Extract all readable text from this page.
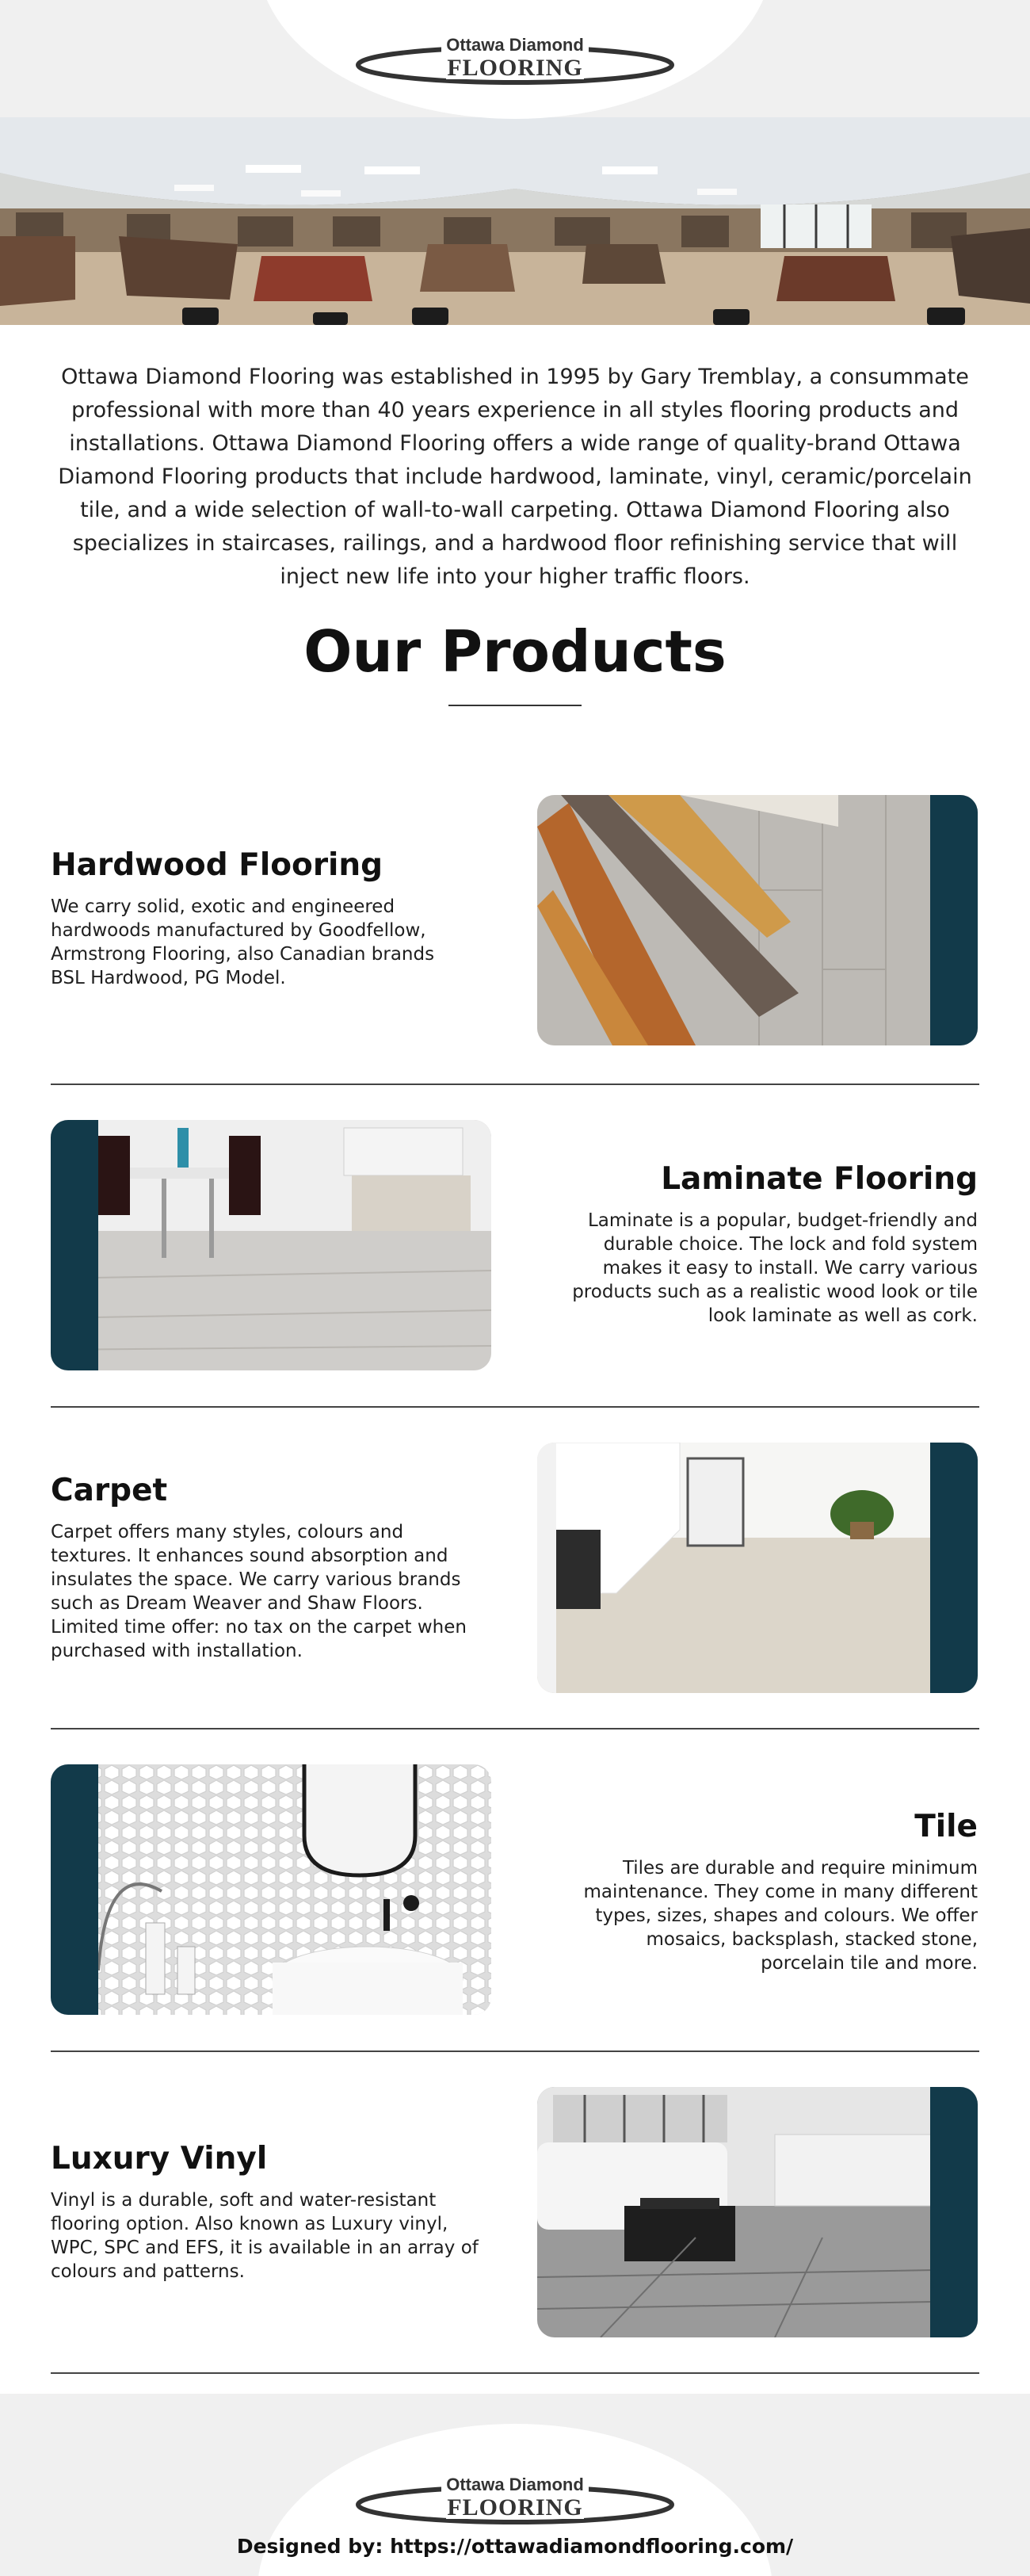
Ottawa Diamond
FLOORING

Ottawa Diamond Flooring was established in 1995 by Gary Tremblay, a consummate professional with more than 40 years experience in all styles flooring products and installations. Ottawa Diamond Flooring offers a wide range of quality-brand Ottawa Diamond Flooring products that include hardwood, laminate, vinyl, ceramic/porcelain tile, and a wide selection of wall-to-wall carpeting. Ottawa Diamond Flooring also specializes in staircases, railings, and a hardwood floor refinishing service that will inject new life into your higher traffic floors.

Our Products
Hardwood Flooring

We carry solid, exotic and engineered hardwoods manufactured by Goodfellow, Armstrong Flooring, also Canadian brands BSL Hardwood, PG Model.

Laminate Flooring

Laminate is a popular, budget-friendly and durable choice. The lock and fold system makes it easy to install. We carry various products such as a realistic wood look or tile look laminate as well as cork.

Carpet

Carpet offers many styles, colours and textures. It enhances sound absorption and insulates the space. We carry various brands such as Dream Weaver and Shaw Floors. Limited time offer: no tax on the carpet when purchased with installation.

Tile

Tiles are durable and require minimum maintenance. They come in many different types, sizes, shapes and colours. We offer mosaics, backsplash, stacked stone, porcelain tile and more.

Luxury Vinyl

Vinyl is a durable, soft and water-resistant flooring option. Also known as Luxury vinyl, WPC, SPC and EFS, it is available in an array of colours and patterns.

Ottawa Diamond
FLOORING

Designed by: https://ottawadiamondflooring.com/
